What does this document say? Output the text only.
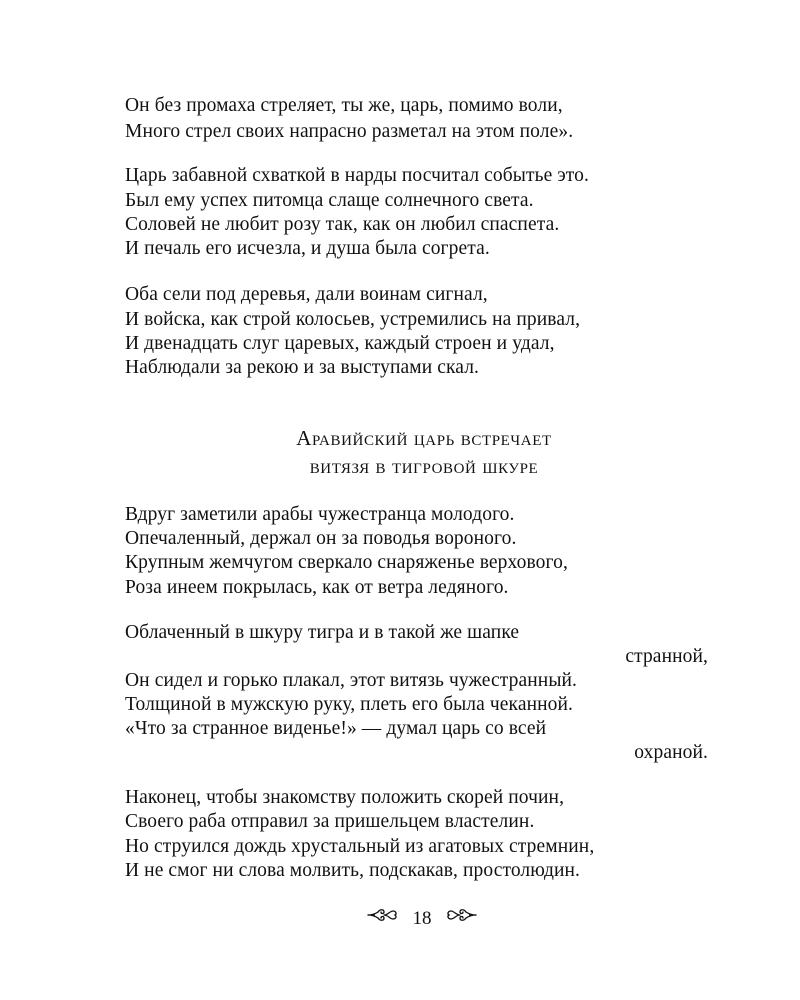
Он без промаха стреляет, ты же, царь, помимо воли,
Много стрел своих напрасно разметал на этом поле».
Царь забавной схваткой в нарды посчитал событье это.
Был ему успех питомца слаще солнечного света.
Соловей не любит розу так, как он любил спаспета.
И печаль его исчезла, и душа была согрета.
Оба сели под деревья, дали воинам сигнал,
И войска, как строй колосьев, устремились на привал,
И двенадцать слуг царевых, каждый строен и удал,
Наблюдали за рекою и за выступами скал.
Аравийский царь встречает
витязя в тигровой шкуре
Вдруг заметили арабы чужестранца молодого.
Опечаленный, держал он за поводья вороного.
Крупным жемчугом сверкало снаряженье верхового,
Роза инеем покрылась, как от ветра ледяного.
Облаченный в шкуру тигра и в такой же шапке
странной,
Он сидел и горько плакал, этот витязь чужестранный.
Толщиной в мужскую руку, плеть его была чеканной.
«Что за странное виденье!» — думал царь со всей
охраной.
Наконец, чтобы знакомству положить скорей почин,
Своего раба отправил за пришельцем властелин.
Но струился дождь хрустальный из агатовых стремнин,
И не смог ни слова молвить, подскакав, простолюдин.
18
